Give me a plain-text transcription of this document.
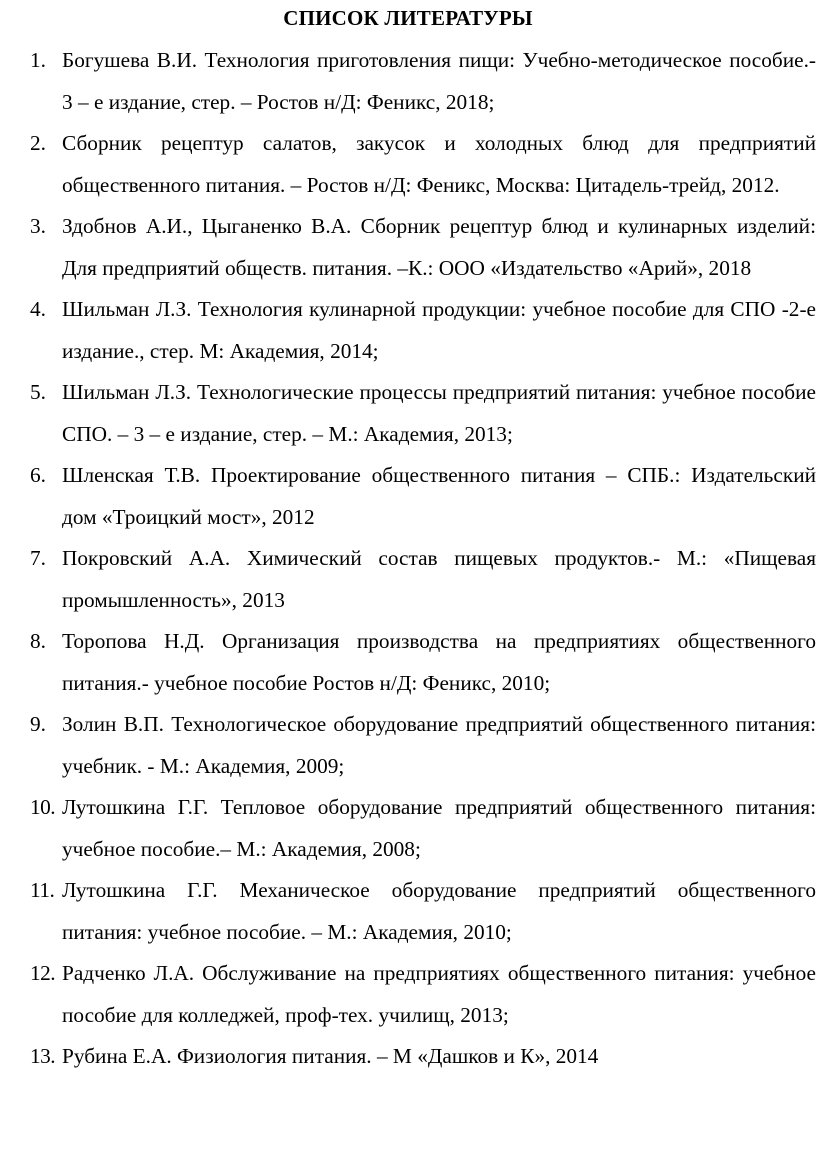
СПИСОК ЛИТЕРАТУРЫ
1. Богушева В.И. Технология приготовления пищи: Учебно-методическое пособие.- 3 – е издание, стер. – Ростов н/Д: Феникс, 2018;
2. Сборник рецептур салатов, закусок и холодных блюд для предприятий общественного питания. – Ростов н/Д: Феникс, Москва: Цитадель-трейд, 2012.
3. Здобнов А.И., Цыганенко В.А. Сборник рецептур блюд и кулинарных изделий: Для предприятий обществ. питания. –К.: ООО «Издательство «Арий», 2018
4. Шильман Л.З. Технология кулинарной продукции: учебное пособие для СПО -2-е издание., стер. М: Академия, 2014;
5. Шильман Л.З. Технологические процессы предприятий питания: учебное пособие СПО. – 3 – е издание, стер. – М.: Академия, 2013;
6. Шленская Т.В. Проектирование общественного питания – СПБ.: Издательский дом «Троицкий мост», 2012
7. Покровский А.А. Химический состав пищевых продуктов.- М.: «Пищевая промышленность», 2013
8. Торопова Н.Д. Организация производства на предприятиях общественного питания.- учебное пособие Ростов н/Д: Феникс, 2010;
9. Золин В.П. Технологическое оборудование предприятий общественного питания: учебник. - М.: Академия, 2009;
10. Лутошкина Г.Г. Тепловое оборудование предприятий общественного питания: учебное пособие.– М.: Академия, 2008;
11. Лутошкина Г.Г. Механическое оборудование предприятий общественного питания: учебное пособие. – М.: Академия, 2010;
12. Радченко Л.А. Обслуживание на предприятиях общественного питания: учебное пособие для колледжей, проф-тех. училищ, 2013;
13. Рубина Е.А. Физиология питания. – М «Дашков и К», 2014
